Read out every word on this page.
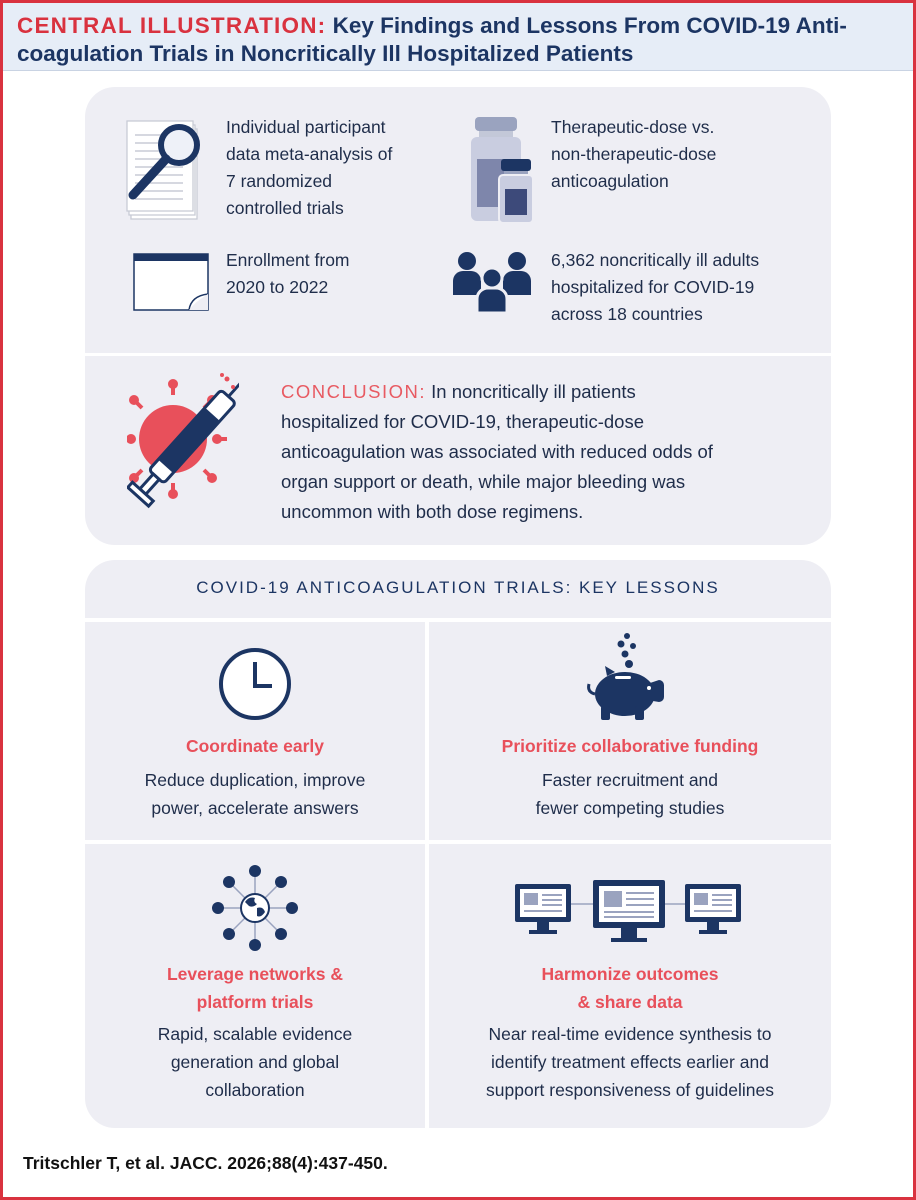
CENTRAL ILLUSTRATION: Key Findings and Lessons From COVID-19 Anti-
coagulation Trials in Noncritically Ill Hospitalized Patients
Individual participant
data meta-analysis of
7 randomized
controlled trials
Therapeutic-dose vs.
non-therapeutic-dose
anticoagulation
Enrollment from
2020 to 2022
6,362 noncritically ill adults
hospitalized for COVID-19
across 18 countries
CONCLUSION: In noncritically ill patients
hospitalized for COVID-19, therapeutic-dose
anticoagulation was associated with reduced odds of
organ support or death, while major bleeding was
uncommon with both dose regimens.
COVID-19 ANTICOAGULATION TRIALS: KEY LESSONS
Coordinate early
Reduce duplication, improve
power, accelerate answers
Prioritize collaborative funding
Faster recruitment and
fewer competing studies
Leverage networks &
platform trials
Rapid, scalable evidence
generation and global
collaboration
Harmonize outcomes
& share data
Near real-time evidence synthesis to
identify treatment effects earlier and
support responsiveness of guidelines
Tritschler T, et al. JACC. 2026;88(4):437-450.
